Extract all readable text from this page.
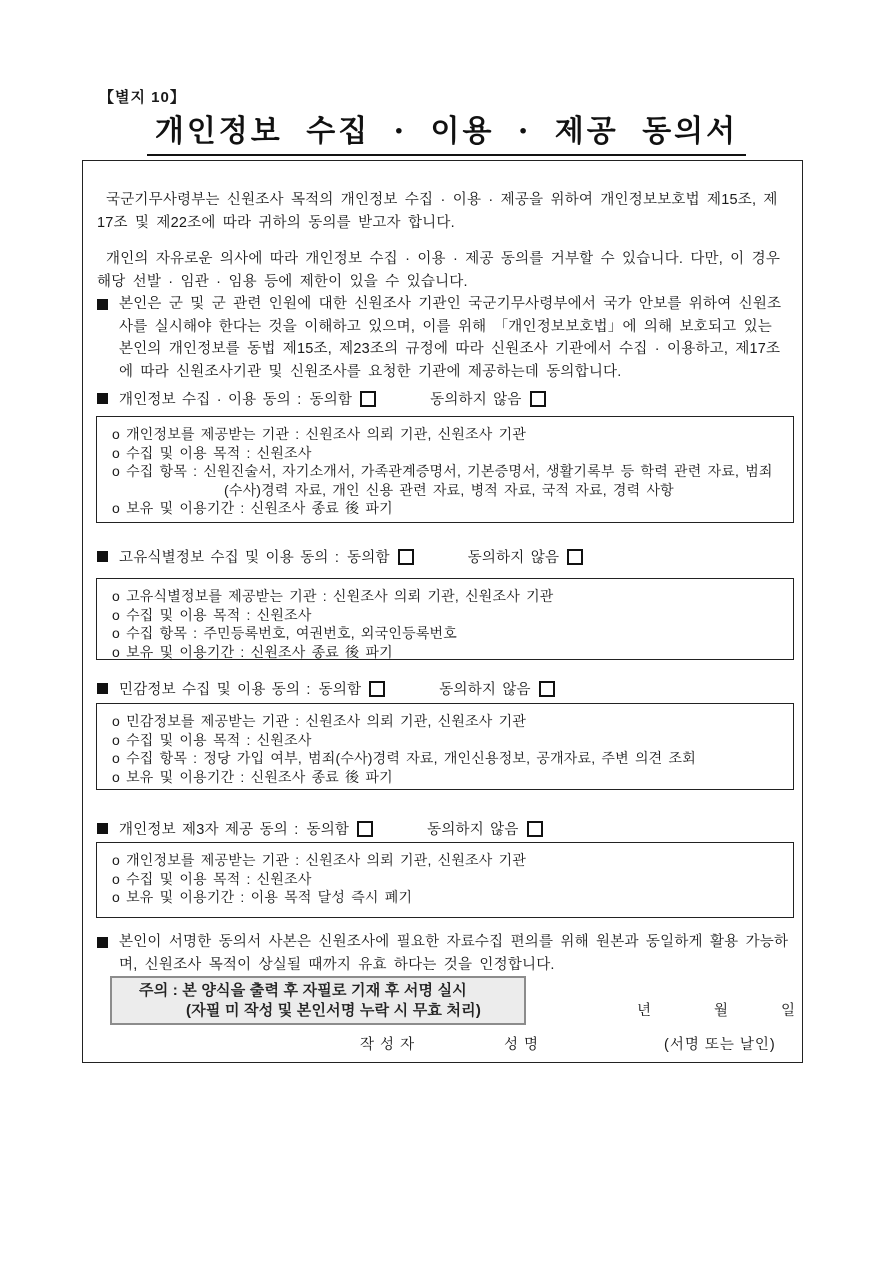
【별지 10】
개인정보 수집 · 이용 · 제공 동의서

국군기무사령부는 신원조사 목적의 개인정보 수집 · 이용 · 제공을 위하여 개인정보보호법 제15조, 제17조 및 제22조에 따라 귀하의 동의를 받고자 합니다.

개인의 자유로운 의사에 따라 개인정보 수집 · 이용 · 제공 동의를 거부할 수 있습니다. 다만, 이 경우 해당 선발 · 임관 · 임용 등에 제한이 있을 수 있습니다.

본인은 군 및 군 관련 인원에 대한 신원조사 기관인 국군기무사령부에서 국가 안보를 위하여 신원조사를 실시해야 한다는 것을 이해하고 있으며, 이를 위해 「개인정보보호법」에 의해 보호되고 있는 본인의 개인정보를 동법 제15조, 제23조의 규정에 따라 신원조사 기관에서 수집 · 이용하고, 제17조에 따라 신원조사기관 및 신원조사를 요청한 기관에 제공하는데 동의합니다.
개인정보 수집 · 이용 동의 : 동의함	동의하지 않음
o 개인정보를 제공받는 기관 : 신원조사 의뢰 기관, 신원조사 기관
o 수집 및 이용 목적 : 신원조사
o 수집 항목 : 신원진술서, 자기소개서, 가족관계증명서, 기본증명서, 생활기록부 등 학력 관련 자료, 범죄(수사)경력 자료, 개인 신용 관련 자료, 병적 자료, 국적 자료, 경력 사항
o 보유 및 이용기간 : 신원조사 종료 後 파기
고유식별정보 수집 및 이용 동의 : 동의함	동의하지 않음
o 고유식별정보를 제공받는 기관 : 신원조사 의뢰 기관, 신원조사 기관
o 수집 및 이용 목적 : 신원조사
o 수집 항목 : 주민등록번호, 여권번호, 외국인등록번호
o 보유 및 이용기간 : 신원조사 종료 後 파기
민감정보 수집 및 이용 동의 : 동의함	동의하지 않음
o 민감정보를 제공받는 기관 : 신원조사 의뢰 기관, 신원조사 기관
o 수집 및 이용 목적 : 신원조사
o 수집 항목 : 정당 가입 여부, 범죄(수사)경력 자료, 개인신용정보, 공개자료, 주변 의견 조회
o 보유 및 이용기간 : 신원조사 종료 後 파기
개인정보 제3자 제공 동의 : 동의함	동의하지 않음
o 개인정보를 제공받는 기관 : 신원조사 의뢰 기관, 신원조사 기관
o 수집 및 이용 목적 : 신원조사
o 보유 및 이용기간 : 이용 목적 달성 즉시 폐기
본인이 서명한 동의서 사본은 신원조사에 필요한 자료수집 편의를 위해 원본과 동일하게 활용 가능하며, 신원조사 목적이 상실될 때까지 유효 하다는 것을 인정합니다.
주의 : 본 양식을 출력 후 자필로 기재 후 서명 실시
(자필 미 작성 및 본인서명 누락 시 무효 처리)	년	월	일
작 성 자	성 명	(서명 또는 날인)
